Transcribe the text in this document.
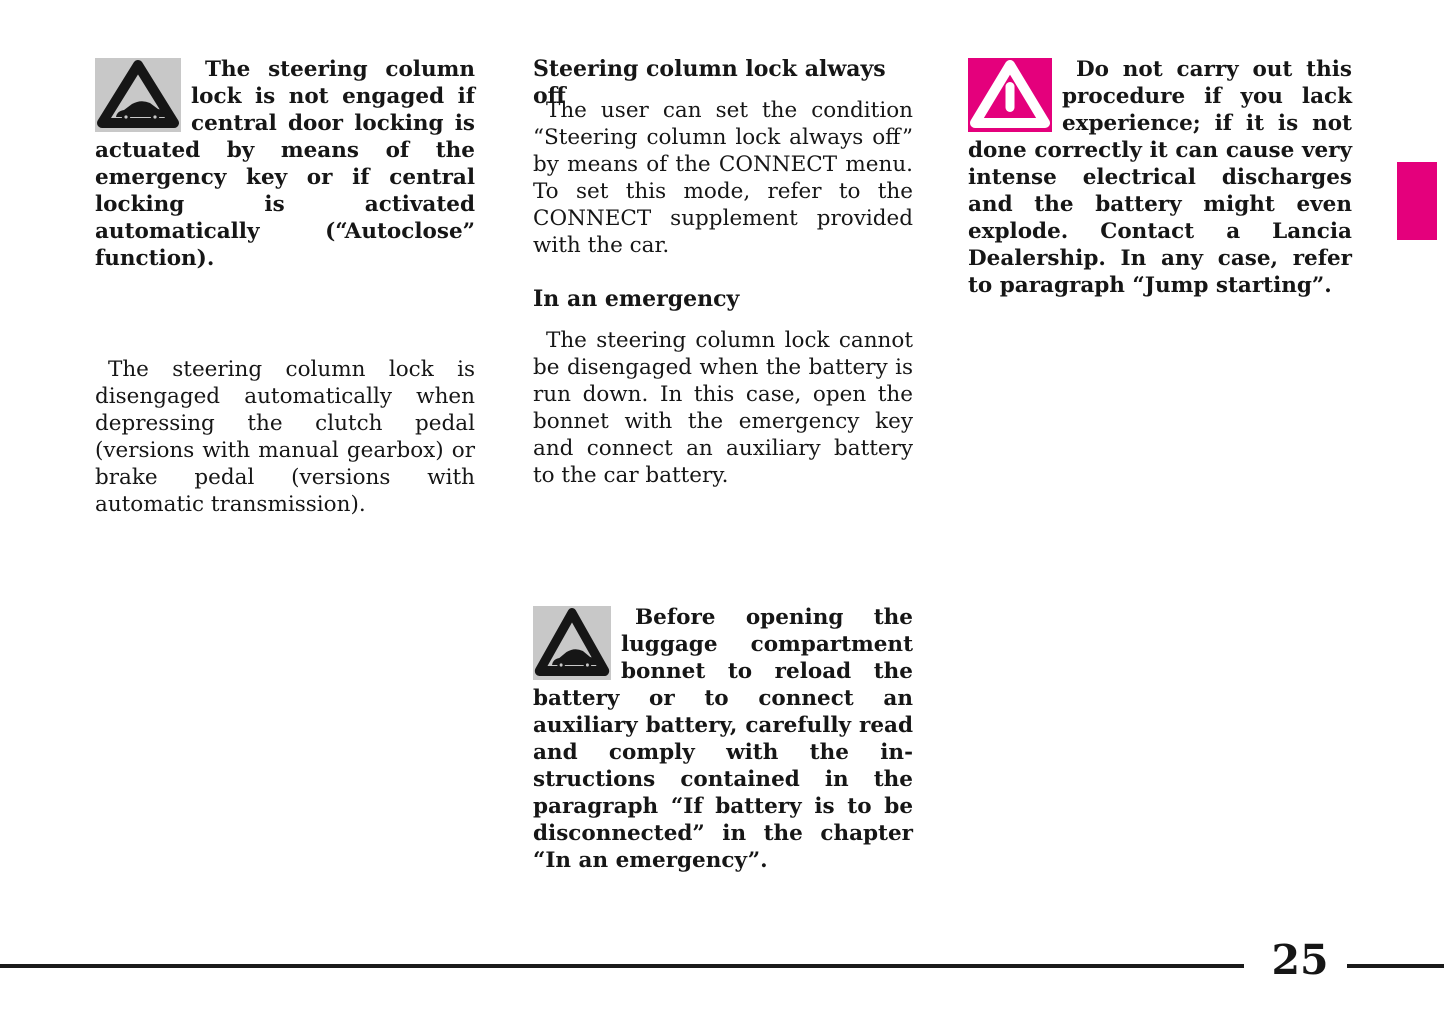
The steering column lock is not engaged if central door locking is actuated by means of the emergency key or if central locking is activated automatically (“Autoclose” function).

The steering column lock is disengaged automatically when depressing the clutch pedal (versions with manual gearbox) or brake pedal (versions with automatic transmission).

Steering column lock always off

The user can set the condition “Steering column lock always off” by means of the CONNECT menu. To set this mode, refer to the CONNECT supplement provided with the car.

In an emergency

The steering column lock cannot be disengaged when the battery is run down. In this case, open the bonnet with the emergency key and connect an auxiliary battery to the car battery.

Before opening the luggage compartment bonnet to reload the battery or to connect an auxiliary battery, carefully read and comply with the instructions contained in the paragraph “If battery is to be disconnected” in the chapter “In an emergency”.
Do not carry out this procedure if you lack experience; if it is not done correctly it can cause very intense electrical discharges and the battery might even explode. Contact a Lancia Dealership. In any case, refer to paragraph “Jump starting”.
25
